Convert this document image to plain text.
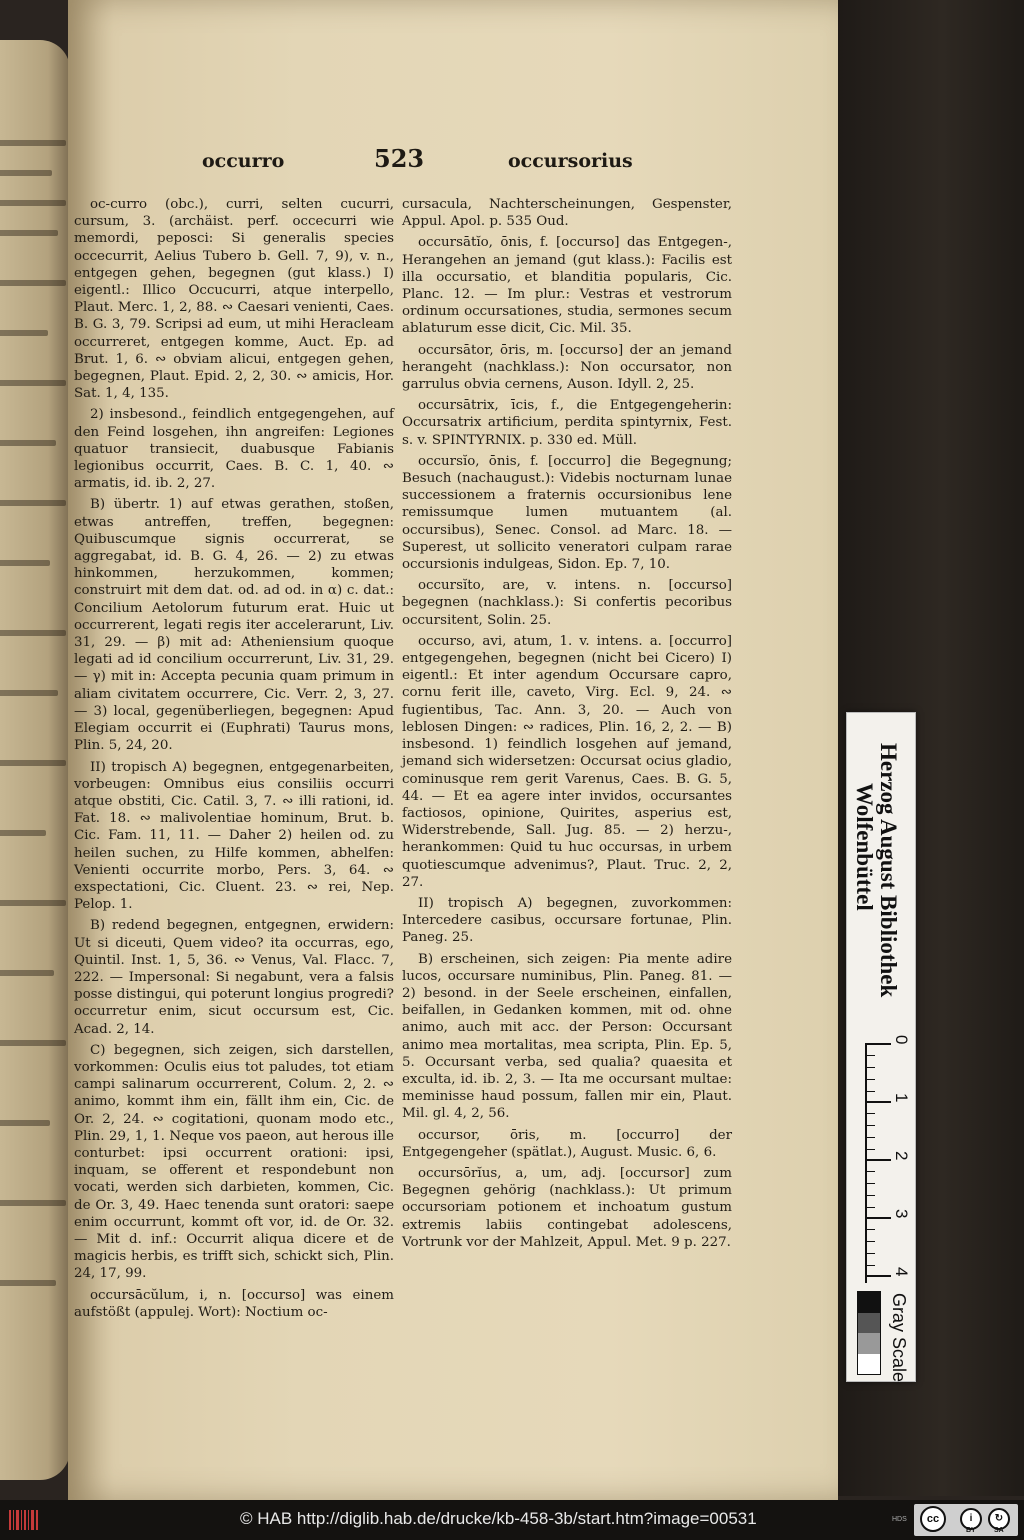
occurro	523	occursorius

oc-curro (obc.), curri, selten cucurri, cursum, 3. (archäist. perf. occecurri wie memordi, peposci: Si generalis species occecurrit, Aelius Tubero b. Gell. 7, 9), v. n., entgegen gehen, begegnen (gut klass.) I) eigentl.: Illico Occucurri, atque interpello, Plaut. Merc. 1, 2, 88. ∾ Caesari venienti, Caes. B. G. 3, 79. Scripsi ad eum, ut mihi Heracleam occurreret, entgegen komme, Auct. Ep. ad Brut. 1, 6. ∾ obviam alicui, entgegen gehen, begegnen, Plaut. Epid. 2, 2, 30. ∾ amicis, Hor. Sat. 1, 4, 135.

2) insbesond., feindlich entgegengehen, auf den Feind losgehen, ihn angreifen: Legiones quatuor transiecit, duabusque Fabianis legionibus occurrit, Caes. B. C. 1, 40. ∾ armatis, id. ib. 2, 27.

B) übertr. 1) auf etwas gerathen, stoßen, etwas antreffen, treffen, begegnen: Quibuscumque signis occurrerat, se aggregabat, id. B. G. 4, 26. — 2) zu etwas hinkommen, herzukommen, kommen; construirt mit dem dat. od. ad od. in α) c. dat.: Concilium Aetolorum futurum erat. Huic ut occurrerent, legati regis iter accelerarunt, Liv. 31, 29. — β) mit ad: Atheniensium quoque legati ad id concilium occurrerunt, Liv. 31, 29. — γ) mit in: Accepta pecunia quam primum in aliam civitatem occurrere, Cic. Verr. 2, 3, 27. — 3) local, gegenüberliegen, begegnen: Apud Elegiam occurrit ei (Euphrati) Taurus mons, Plin. 5, 24, 20.

II) tropisch A) begegnen, entgegenarbeiten, vorbeugen: Omnibus eius consiliis occurri atque obstiti, Cic. Catil. 3, 7. ∾ illi rationi, id. Fat. 18. ∾ malivolentiae hominum, Brut. b. Cic. Fam. 11, 11. — Daher 2) heilen od. zu heilen suchen, zu Hilfe kommen, abhelfen: Venienti occurrite morbo, Pers. 3, 64. ∾ exspectationi, Cic. Cluent. 23. ∾ rei, Nep. Pelop. 1.

B) redend begegnen, entgegnen, erwidern: Ut si diceuti, Quem video? ita occurras, ego, Quintil. Inst. 1, 5, 36. ∾ Venus, Val. Flacc. 7, 222. — Impersonal: Si negabunt, vera a falsis posse distingui, qui poterunt longius progredi? occurretur enim, sicut occursum est, Cic. Acad. 2, 14.

C) begegnen, sich zeigen, sich darstellen, vorkommen: Oculis eius tot paludes, tot etiam campi salinarum occurrerent, Colum. 2, 2. ∾ animo, kommt ihm ein, fällt ihm ein, Cic. de Or. 2, 24. ∾ cogitationi, quonam modo etc., Plin. 29, 1, 1. Neque vos paeon, aut herous ille conturbet: ipsi occurrent orationi: ipsi, inquam, se offerent et respondebunt non vocati, werden sich darbieten, kommen, Cic. de Or. 3, 49. Haec tenenda sunt oratori: saepe enim occurrunt, kommt oft vor, id. de Or. 32. — Mit d. inf.: Occurrit aliqua dicere et de magicis herbis, es trifft sich, schickt sich, Plin. 24, 17, 99.

occursācŭlum, i, n. [occurso] was einem aufstößt (appulej. Wort): Noctium oc-

cursacula, Nachterscheinungen, Gespenster, Appul. Apol. p. 535 Oud.

occursātĭo, ōnis, f. [occurso] das Entgegen-, Herangehen an jemand (gut klass.): Facilis est illa occursatio, et blanditia popularis, Cic. Planc. 12. — Im plur.: Vestras et vestrorum ordinum occursationes, studia, sermones secum ablaturum esse dicit, Cic. Mil. 35.

occursātor, ōris, m. [occurso] der an jemand herangeht (nachklass.): Non occursator, non garrulus obvia cernens, Auson. Idyll. 2, 25.

occursātrix, īcis, f., die Entgegengeherin: Occursatrix artificium, perdita spintyrnix, Fest. s. v. SPINTYRNIX. p. 330 ed. Müll.

occursĭo, ōnis, f. [occurro] die Begegnung; Besuch (nachaugust.): Videbis nocturnam lunae successionem a fraternis occursionibus lene remissumque lumen mutuantem (al. occursibus), Senec. Consol. ad Marc. 18. — Superest, ut sollicito veneratori culpam rarae occursionis indulgeas, Sidon. Ep. 7, 10.

occursĭto, are, v. intens. n. [occurso] begegnen (nachklass.): Si confertis pecoribus occursitent, Solin. 25.

occurso, avi, atum, 1. v. intens. a. [occurro] entgegengehen, begegnen (nicht bei Cicero) I) eigentl.: Et inter agendum Occursare capro, cornu ferit ille, caveto, Virg. Ecl. 9, 24. ∾ fugientibus, Tac. Ann. 3, 20. — Auch von leblosen Dingen: ∾ radices, Plin. 16, 2, 2. — B) insbesond. 1) feindlich losgehen auf jemand, jemand sich widersetzen: Occursat ocius gladio, cominusque rem gerit Varenus, Caes. B. G. 5, 44. — Et ea agere inter invidos, occursantes factiosos, opinione, Quirites, asperius est, Widerstrebende, Sall. Jug. 85. — 2) herzu-, herankommen: Quid tu huc occursas, in urbem quotiescumque advenimus?, Plaut. Truc. 2, 2, 27.

II) tropisch A) begegnen, zuvorkommen: Intercedere casibus, occursare fortunae, Plin. Paneg. 25.

B) erscheinen, sich zeigen: Pia mente adire lucos, occursare numinibus, Plin. Paneg. 81. — 2) besond. in der Seele erscheinen, einfallen, beifallen, in Gedanken kommen, mit od. ohne animo, auch mit acc. der Person: Occursant animo mea mortalitas, mea scripta, Plin. Ep. 5, 5. Occursant verba, sed qualia? quaesita et exculta, id. ib. 2, 3. — Ita me occursant multae: meminisse haud possum, fallen mir ein, Plaut. Mil. gl. 4, 2, 56.

occursor, ōris, m. [occurro] der Entgegengeher (spätlat.), August. Music. 6, 6.

occursōrĭus, a, um, adj. [occursor] zum Begegnen gehörig (nachklass.): Ut primum occursoriam potionem et inchoatum gustum extremis labiis contingebat adolescens, Vortrunk vor der Mahlzeit, Appul. Met. 9 p. 227.

Herzog August Bibliothek
Wolfenbüttel
0
1
2
3
4
Gray Scale
© HAB http://diglib.hab.de/drucke/kb-458-3b/start.htm?image=00531	HDS	cc	i	↻
BY	SA
